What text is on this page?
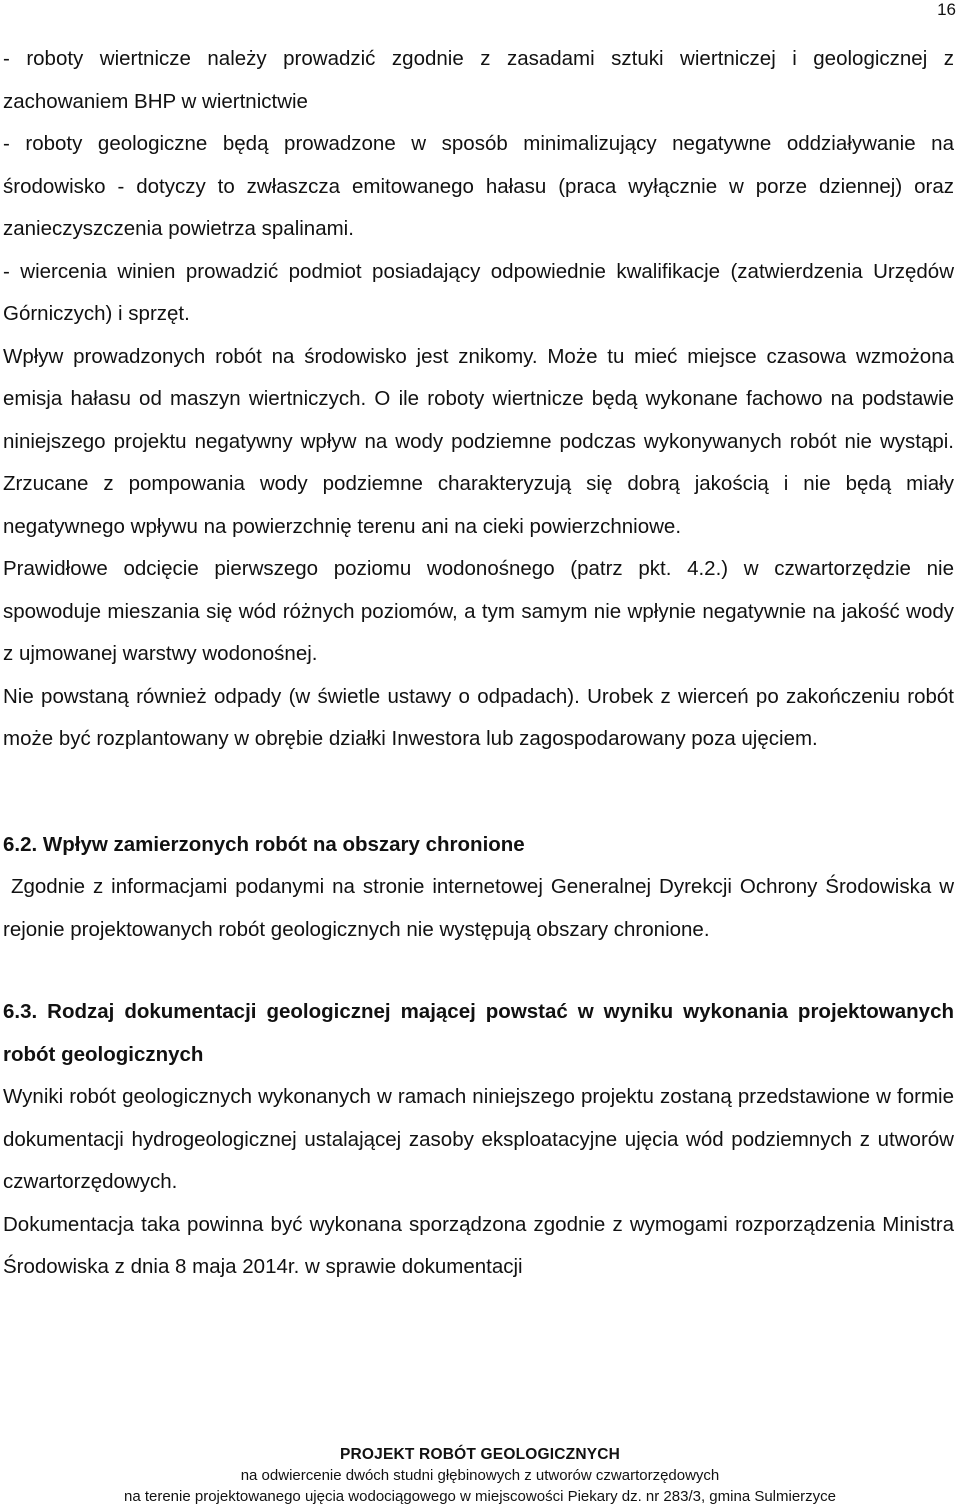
16

- roboty wiertnicze należy prowadzić zgodnie z zasadami sztuki wiertniczej i geologicznej z zachowaniem BHP w wiertnictwie

- roboty geologiczne będą prowadzone w sposób minimalizujący negatywne oddziaływanie na środowisko - dotyczy to zwłaszcza emitowanego hałasu (praca wyłącznie w porze dziennej) oraz zanieczyszczenia powietrza spalinami.

- wiercenia winien prowadzić podmiot posiadający odpowiednie kwalifikacje (zatwierdzenia Urzędów Górniczych) i sprzęt.

Wpływ prowadzonych robót na środowisko jest znikomy. Może tu mieć miejsce czasowa wzmożona emisja hałasu od maszyn wiertniczych. O ile roboty wiertnicze będą wykonane fachowo na podstawie niniejszego projektu negatywny wpływ na wody podziemne podczas wykonywanych robót nie wystąpi. Zrzucane z pompowania wody podziemne charakteryzują się dobrą jakością i nie będą miały negatywnego wpływu na powierzchnię terenu ani na cieki powierzchniowe.

Prawidłowe odcięcie pierwszego poziomu wodonośnego (patrz pkt. 4.2.) w czwartorzędzie nie spowoduje mieszania się wód różnych poziomów, a tym samym nie wpłynie negatywnie na jakość wody z ujmowanej warstwy wodonośnej.

Nie powstaną również odpady (w świetle ustawy o odpadach). Urobek z wierceń po zakończeniu robót może być rozplantowany w obrębie działki Inwestora lub zagospodarowany poza ujęciem.

6.2. Wpływ zamierzonych robót na obszary chronione

Zgodnie z informacjami podanymi na stronie internetowej Generalnej Dyrekcji Ochrony Środowiska w rejonie projektowanych robót geologicznych nie występują obszary chronione.

6.3. Rodzaj dokumentacji geologicznej mającej powstać w wyniku wykonania projektowanych robót geologicznych

Wyniki robót geologicznych wykonanych w ramach niniejszego projektu zostaną przedstawione w formie dokumentacji hydrogeologicznej ustalającej zasoby eksploatacyjne ujęcia wód podziemnych z utworów czwartorzędowych.

Dokumentacja taka powinna być wykonana sporządzona zgodnie z wymogami rozporządzenia Ministra Środowiska z dnia 8 maja 2014r. w sprawie dokumentacji

PROJEKT ROBÓT GEOLOGICZNYCH
na odwiercenie dwóch studni głębinowych z utworów czwartorzędowych
na terenie projektowanego ujęcia wodociągowego w miejscowości Piekary dz. nr 283/3, gmina Sulmierzyce
